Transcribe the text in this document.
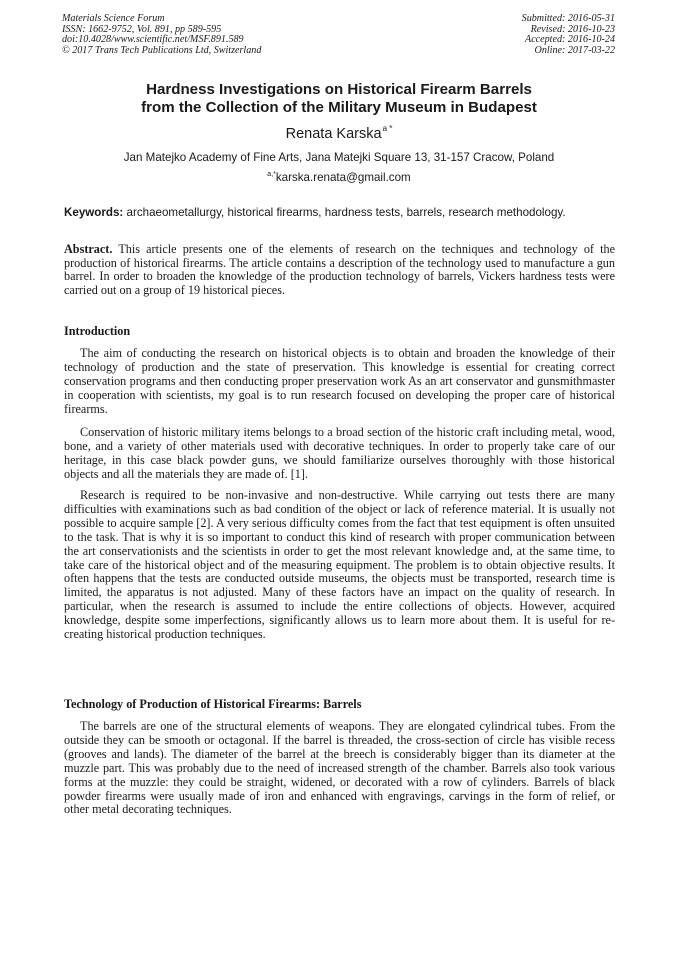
Materials Science Forum
ISSN: 1662-9752, Vol. 891, pp 589-595
doi:10.4028/www.scientific.net/MSF.891.589
© 2017 Trans Tech Publications Ltd, Switzerland
Submitted: 2016-05-31
Revised: 2016-10-23
Accepted: 2016-10-24
Online: 2017-03-22
Hardness Investigations on Historical Firearm Barrels
from the Collection of the Military Museum in Budapest
Renata Karska$^{a *}$
Jan Matejko Academy of Fine Arts, Jana Matejki Square 13, 31-157 Cracow, Poland
$^{a,*}$karska.renata@gmail.com
Keywords: archaeometallurgy, historical firearms, hardness tests, barrels, research methodology.
Abstract. This article presents one of the elements of research on the techniques and technology of the production of historical firearms. The article contains a description of the technology used to manufacture a gun barrel. In order to broaden the knowledge of the production technology of barrels, Vickers hardness tests were carried out on a group of 19 historical pieces.
Introduction
The aim of conducting the research on historical objects is to obtain and broaden the knowledge of their technology of production and the state of preservation. This knowledge is essential for creating correct conservation programs and then conducting proper preservation work As an art conservator and gunsmithmaster in cooperation with scientists, my goal is to run research focused on developing the proper care of historical firearms.
Conservation of historic military items belongs to a broad section of the historic craft including metal, wood, bone, and a variety of other materials used with decorative techniques. In order to properly take care of our heritage, in this case black powder guns, we should familiarize ourselves thoroughly with those historical objects and all the materials they are made of. [1].
Research is required to be non-invasive and non-destructive. While carrying out tests there are many difficulties with examinations such as bad condition of the object or lack of reference material. It is usually not possible to acquire sample [2]. A very serious difficulty comes from the fact that test equipment is often unsuited to the task. That is why it is so important to conduct this kind of research with proper communication between the art conservationists and the scientists in order to get the most relevant knowledge and, at the same time, to take care of the historical object and of the measuring equipment. The problem is to obtain objective results. It often happens that the tests are conducted outside museums, the objects must be transported, research time is limited, the apparatus is not adjusted. Many of these factors have an impact on the quality of research. In particular, when the research is assumed to include the entire collections of objects. However, acquired knowledge, despite some imperfections, significantly allows us to learn more about them. It is useful for re-creating historical production techniques.
Technology of Production of Historical Firearms: Barrels
The barrels are one of the structural elements of weapons. They are elongated cylindrical tubes. From the outside they can be smooth or octagonal. If the barrel is threaded, the cross-section of circle has visible recess (grooves and lands). The diameter of the barrel at the breech is considerably bigger than its diameter at the muzzle part. This was probably due to the need of increased strength of the chamber. Barrels also took various forms at the muzzle: they could be straight, widened, or decorated with a row of cylinders. Barrels of black powder firearms were usually made of iron and enhanced with engravings, carvings in the form of relief, or other metal decorating techniques.
